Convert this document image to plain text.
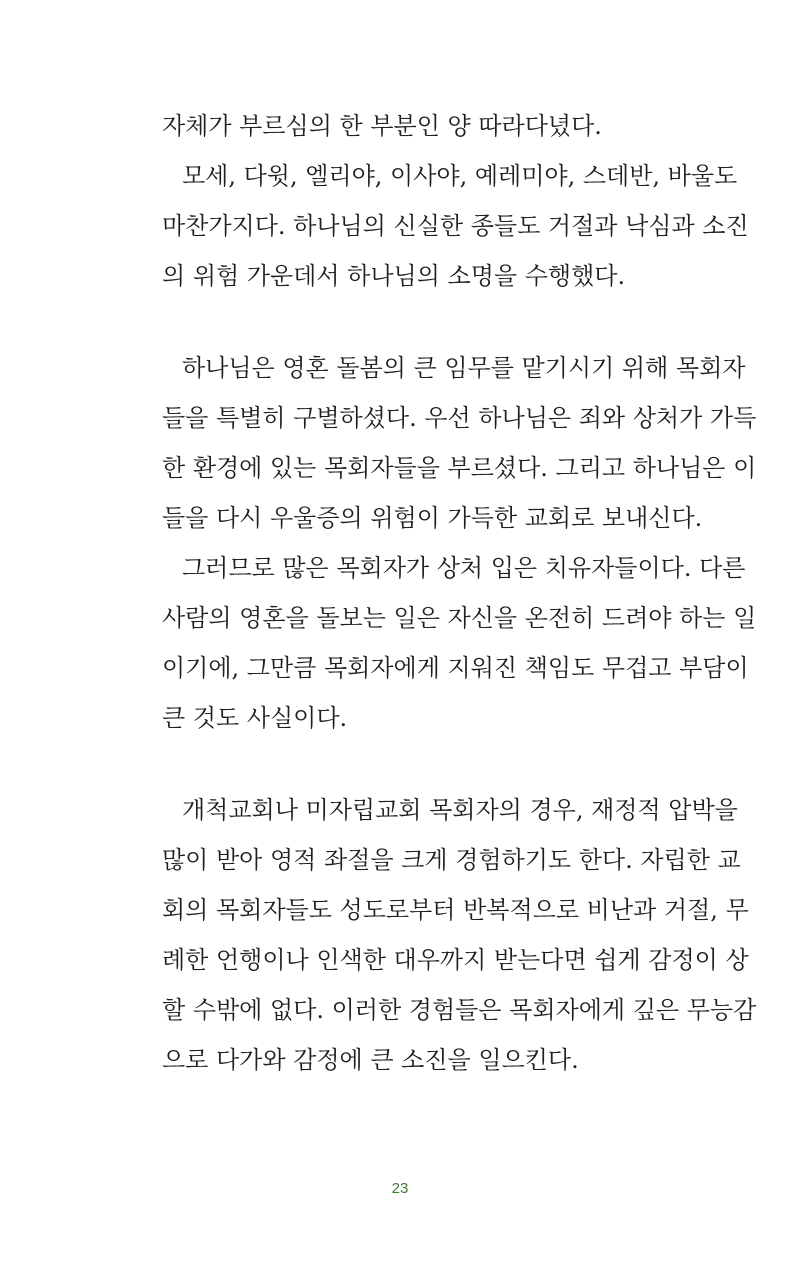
자체가 부르심의 한 부분인 양 따라다녔다.
모세, 다윗, 엘리야, 이사야, 예레미야, 스데반, 바울도
마찬가지다. 하나님의 신실한 종들도 거절과 낙심과 소진
의 위험 가운데서 하나님의 소명을 수행했다.
하나님은 영혼 돌봄의 큰 임무를 맡기시기 위해 목회자
들을 특별히 구별하셨다. 우선 하나님은 죄와 상처가 가득
한 환경에 있는 목회자들을 부르셨다. 그리고 하나님은 이
들을 다시 우울증의 위험이 가득한 교회로 보내신다.
그러므로 많은 목회자가 상처 입은 치유자들이다. 다른
사람의 영혼을 돌보는 일은 자신을 온전히 드려야 하는 일
이기에, 그만큼 목회자에게 지워진 책임도 무겁고 부담이
큰 것도 사실이다.
개척교회나 미자립교회 목회자의 경우, 재정적 압박을
많이 받아 영적 좌절을 크게 경험하기도 한다. 자립한 교
회의 목회자들도 성도로부터 반복적으로 비난과 거절, 무
례한 언행이나 인색한 대우까지 받는다면 쉽게 감정이 상
할 수밖에 없다. 이러한 경험들은 목회자에게 깊은 무능감
으로 다가와 감정에 큰 소진을 일으킨다.
23
